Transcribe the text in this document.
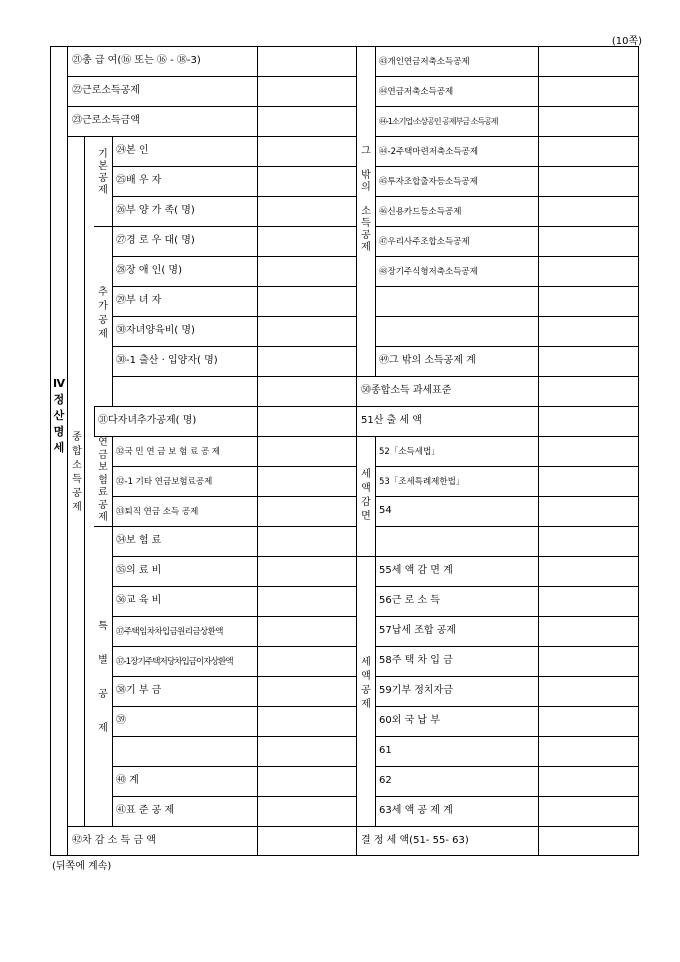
(10쪽)
Ⅳ
정
산
명
세
종
합
소
득
공
제
기
본
공
제
추
가
공
제
연
금
보
험
료
공
제
특

별

공

제
그

밖
의

소
득
공
제
세
액
감
면
세
액
공
제
㉑총 급 여(⑯ 또는 ⑯ - ⑱-3)
㉒근로소득공제
㉓근로소득금액
㉔본 인
㉕배 우 자
㉖부 양 가 족( 명)
㉗경 로 우 대( 명)
㉘장 애 인( 명)
㉙부 녀 자
㉚자녀양육비( 명)
㉚-1 출산 · 입양자( 명)
㉛다자녀추가공제( 명)
㉜국 민 연 금 보 험 료 공 제
㉜-1 기타 연금보험료공제
㉝퇴직 연금 소득 공제
㉞보 험 료
㉟의 료 비
㊱교 육 비
㊲주택임차차입금원리금상환액
㊲-1장기주택저당차입금이자상환액
㊳기 부 금
㊴
㊵ 계
㊶표 준 공 제
㊷차 감 소 득 금 액
㊸개인연금저축소득공제
㊹연금저축소득공제
㊹-1소기업·소상공인 공제부금 소득공제
㊹-2주택마련저축소득공제
㊺투자조합출자등소득공제
㊻신용카드등소득공제
㊼우리사주조합소득공제
㊽장기주식형저축소득공제
㊾그 밖의 소득공제 계
㊿종합소득 과세표준
51산 출 세 액
52「소득세법」
53「조세특례제한법」
54
55세 액 감 면 계
56근 로 소 득
57납세 조합 공제
58주 택 차 입 금
59기부 정치자금
60외 국 납 부
61
62
63세 액 공 제 계
결 정 세 액(51- 55- 63)
(뒤쪽에 계속)
